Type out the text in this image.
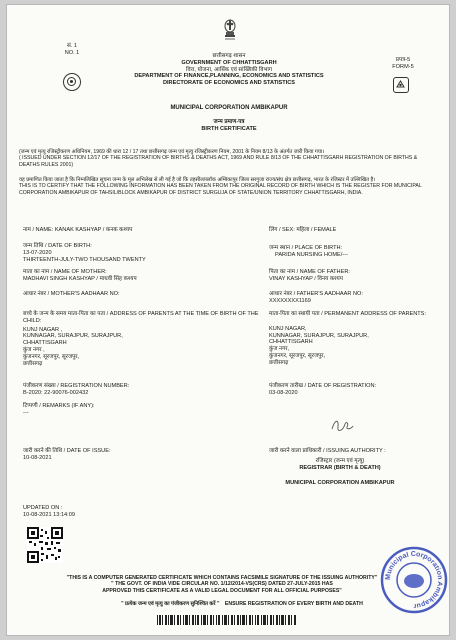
सं. 1
NO. 1
प्रपत्र-5
FORM-5
छत्तीसगढ़ शासन
GOVERNMENT OF CHHATTISGARH
वित्त, योजना, आर्थिक एवं सांख्यिकी विभाग
DEPARTMENT OF FINANCE,PLANNING, ECONOMICS AND STATISTICS
DIRECTORATE OF ECONOMICS AND STATISTICS
MUNICIPAL CORPORATION AMBIKAPUR
जन्म प्रमाण-पत्र
BIRTH CERTIFICATE
(जन्म एवं मृत्यु रजिस्ट्रीकरण अधिनियम, 1969 की धारा 12 / 17 तथा छत्तीसगढ़ जन्म एवं मृत्यु रजिस्ट्रीकरण नियम, 2001 के नियम 8/13 के अंतर्गत जारी किया गया।
( ISSUED UNDER SECTION 12/17 OF THE REGISTRATION OF BIRTHS & DEATHS ACT, 1969 AND RULE 8/13 OF THE CHHATTISGARH REGISTRATION OF BIRTHS & DEATHS RULES 2001)
यह प्रमाणित किया जाता है कि निम्नलिखित सूचना जन्म के मूल अभिलेख से ली गई है जो कि तहसील/ब्लॉक अम्बिकापुर जिला सरगुजा राज्य/संघ क्षेत्र छत्तीसगढ़, भारत के रजिस्टर में उल्लिखित है।
THIS IS TO CERTIFY THAT THE FOLLOWING INFORMATION HAS BEEN TAKEN FROM THE ORIGINAL RECORD OF BIRTH WHICH IS THE REGISTER FOR MUNICIPAL CORPORATION AMBIKAPUR OF TAHSIL/BLOCK AMBIKAPUR OF DISTRICT SURGUJA OF STATE/UNION TERRITORY CHHATTISGARH, INDIA.
नाम / NAME: KANAK KASHYAP / कनक कश्यप	लिंग / SEX: महिला / FEMALE
जन्म तिथि / DATE OF BIRTH:
13-07-2020
THIRTEENTH-JULY-TWO THOUSAND TWENTY
जन्म स्थान / PLACE OF BIRTH:
PARIDA NURSING HOME/---
माता का नाम / NAME OF MOTHER:
MADHAVI SINGH KASHYAP / माधवी सिंह कश्यप
पिता का नाम / NAME OF FATHER:
VINAY KASHYAP / विनय कश्यप
आधार नंबर / MOTHER'S AADHAAR NO:	आधार नंबर / FATHER'S AADHAAR NO:
XXXXXXXX1169
बच्चे के जन्म के समय माता-पिता का पता / ADDRESS OF PARENTS AT THE TIME OF BIRTH OF THE CHILD:
KUNJ NAGAR ,
KUNNAGAR, SURAJPUR, SURAJPUR,
CHHATTISGARH
कुंज नगर ,
कुंजनगर, सूरजपुर, सूरजपुर,
छत्तीसगढ़
माता-पिता का स्थायी पता / PERMANENT ADDRESS OF PARENTS:
KUNJ NAGAR,
KUNNAGAR, SURAJPUR, SURAJPUR,
CHHATTISGARH
कुंज नगर,
कुंजनगर, सूरजपुर, सूरजपुर,
छत्तीसगढ़
पंजीकरण संख्या / REGISTRATION NUMBER:
B-2020: 22-90076-002432
पंजीकरण तारीख / DATE OF REGISTRATION:
03-08-2020
टिप्पणी / REMARKS (IF ANY):
---
जारी करने की तिथि / DATE OF ISSUE:
10-08-2021
जारी करने वाला प्राधिकारी / ISSUING AUTHORITY :
रजिस्ट्रार (जन्म एवं मृत्यु)
REGISTRAR (BIRTH & DEATH)
MUNICIPAL CORPORATION AMBIKAPUR
UPDATED ON :
10-08-2021 13:14:09
"THIS IS A COMPUTER GENERATED CERTIFICATE WHICH CONTAINS FACSIMILE SIGNATURE OF THE ISSUING AUTHORITY"
" THE GOVT. OF INDIA VIDE CIRCULAR NO. 1/12/2014-VS(CRS) DATED 27-JULY-2015 HAS
APPROVED THIS CERTIFICATE AS A VALID LEGAL DOCUMENT FOR ALL OFFICIAL PURPOSES"
" प्रत्येक जन्म एवं मृत्यु का पंजीकरण सुनिश्चित करें " ENSURE REGISTRATION OF EVERY BIRTH AND DEATH
Municipal Corporation Ambikapur
